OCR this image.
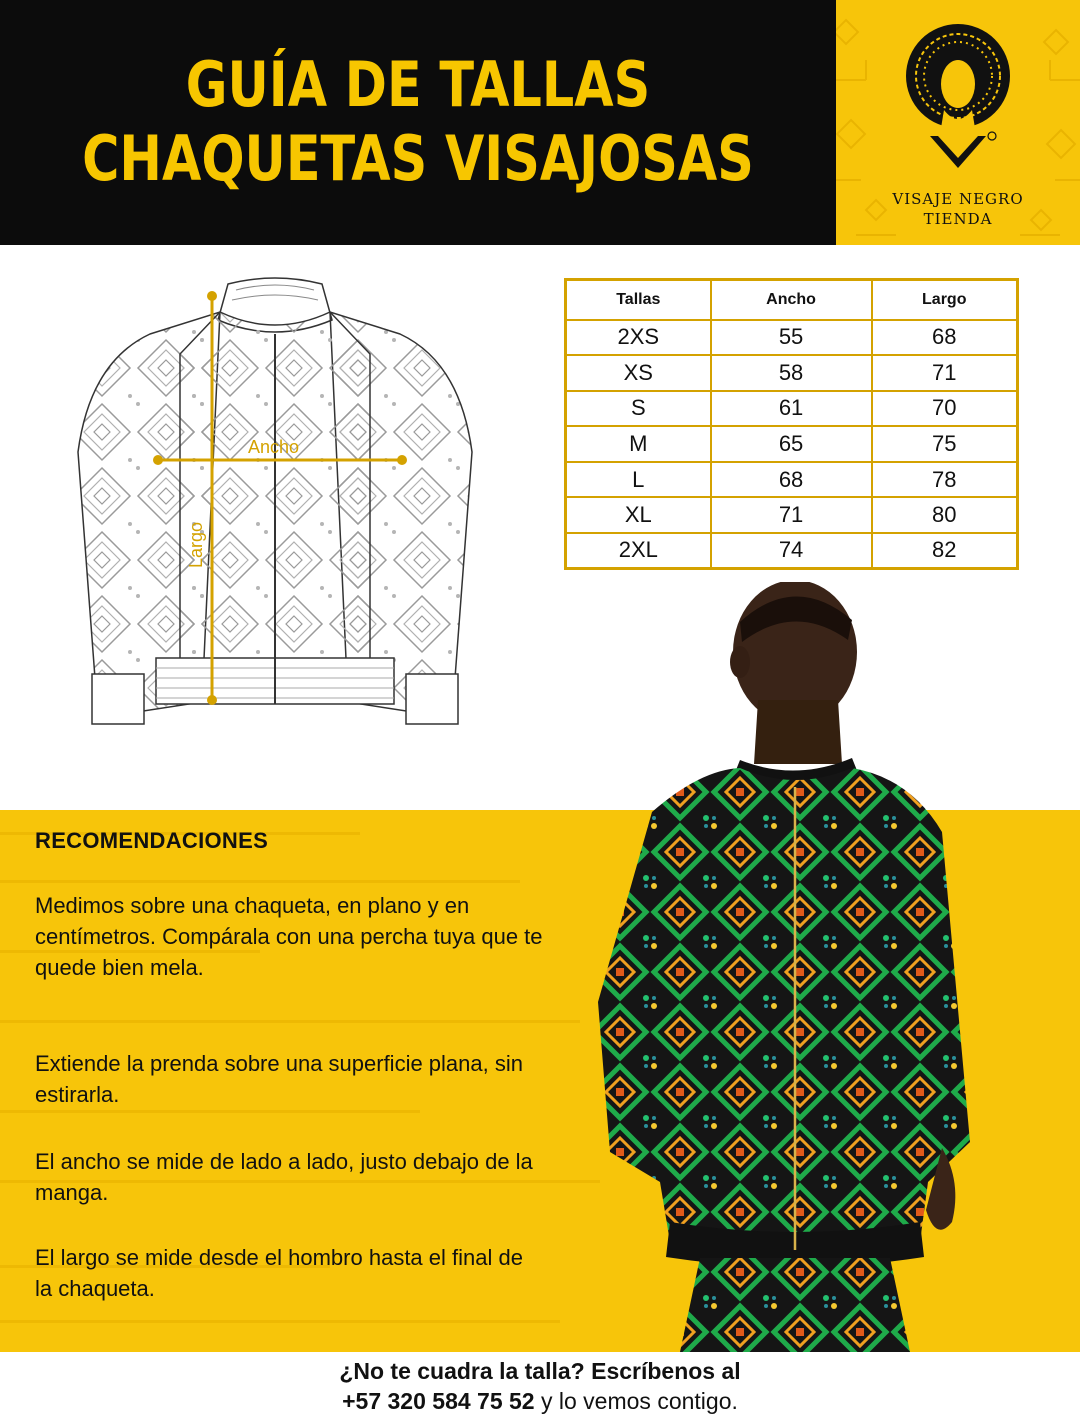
GUÍA DE TALLAS
CHAQUETAS VISAJOSAS
VISAJE NEGRO
TIENDA
Ancho
Largo
Tallas	Ancho	Largo
2XS	55	68
XS	58	71
S	61	70
M	65	75
L	68	78
XL	71	80
2XL	74	82
RECOMENDACIONES
Medimos sobre una chaqueta, en plano y en centímetros. Compárala con una percha tuya que te quede bien mela.
Extiende la prenda sobre una superficie plana, sin estirarla.
El ancho se mide de lado a lado, justo debajo de la manga.
El largo se mide desde el hombro hasta el final de la chaqueta.
¿No te cuadra la talla? Escríbenos al
+57 320 584 75 52 y lo vemos contigo.
